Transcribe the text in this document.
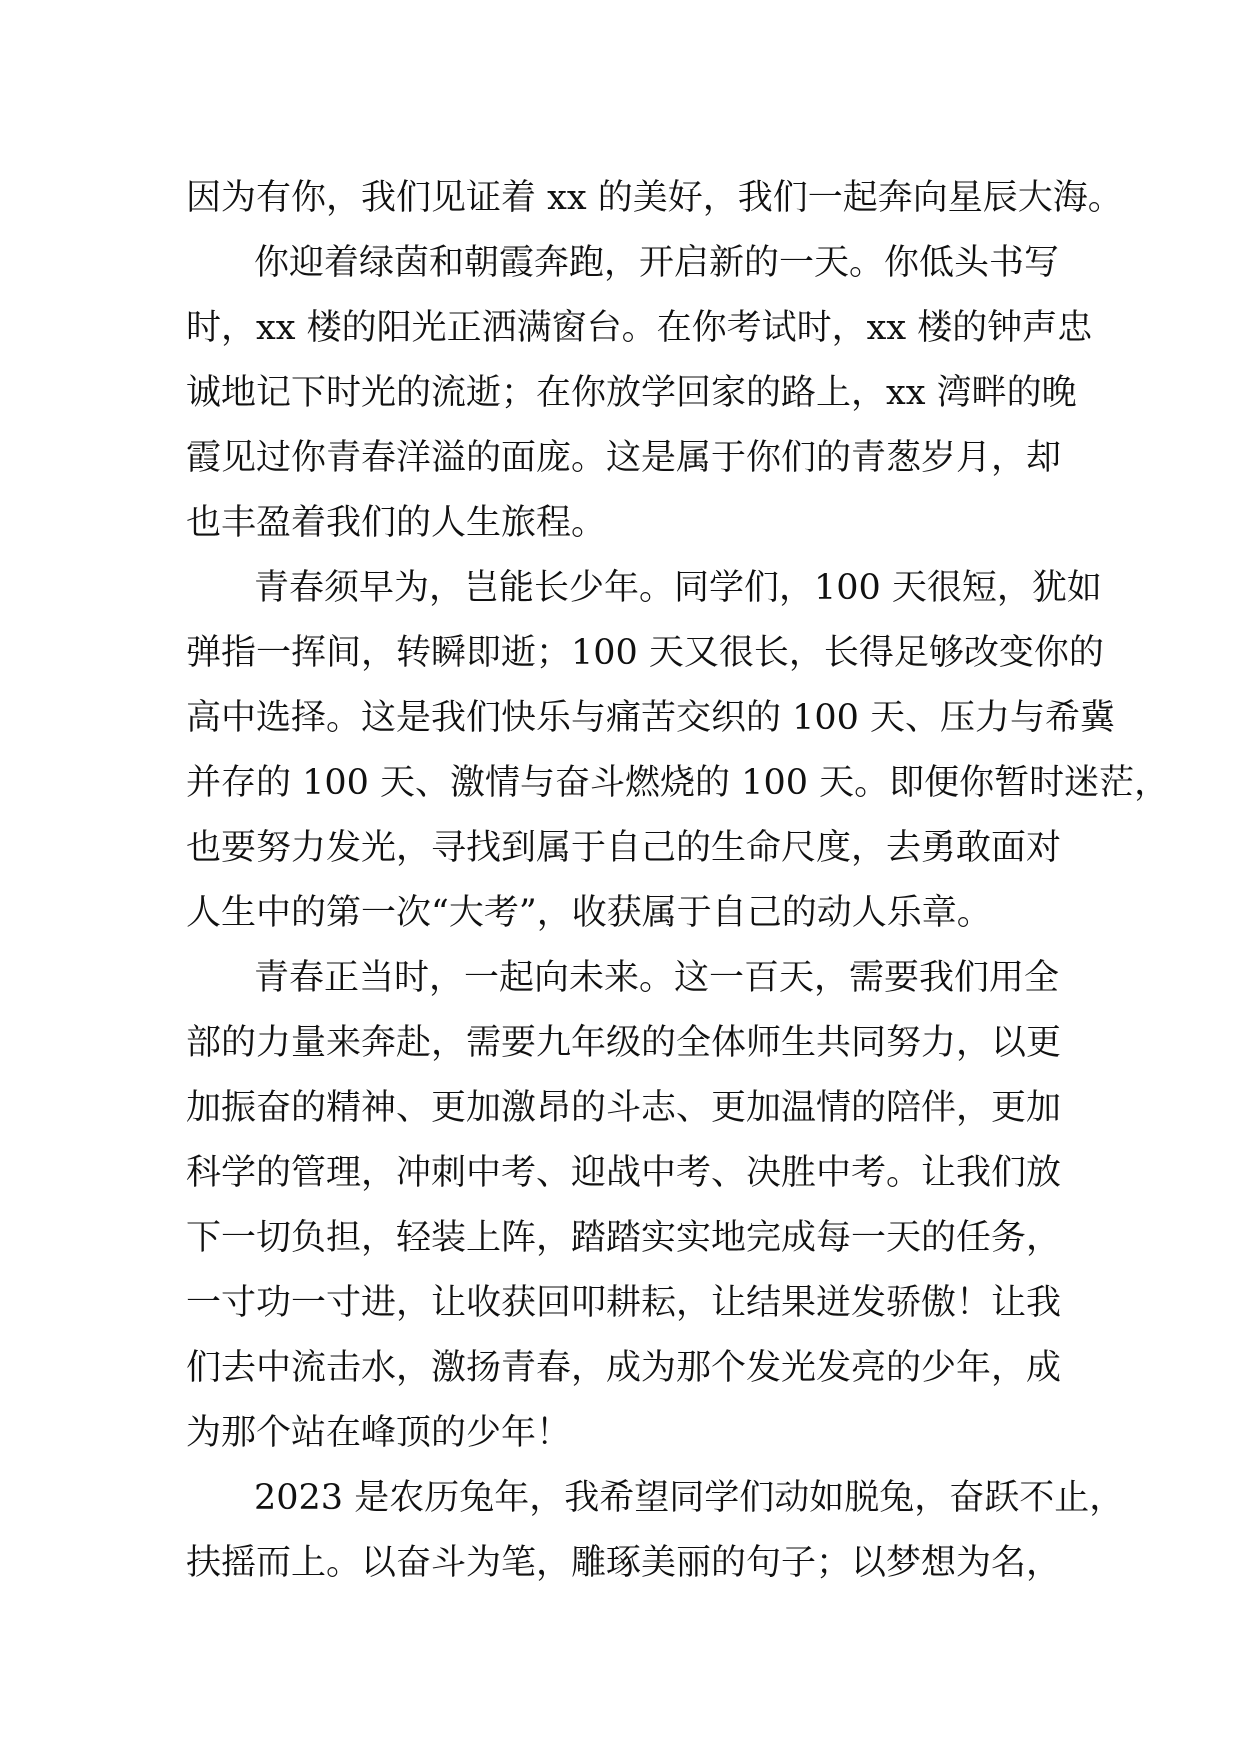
因为有你，我们见证着 xx 的美好，我们一起奔向星辰大海。
你迎着绿茵和朝霞奔跑，开启新的一天。你低头书写
时，xx 楼的阳光正洒满窗台。在你考试时，xx 楼的钟声忠
诚地记下时光的流逝；在你放学回家的路上，xx 湾畔的晚
霞见过你青春洋溢的面庞。这是属于你们的青葱岁月，却
也丰盈着我们的人生旅程。
青春须早为，岂能长少年。同学们，100 天很短，犹如
弹指一挥间，转瞬即逝；100 天又很长，长得足够改变你的
高中选择。这是我们快乐与痛苦交织的 100 天、压力与希冀
并存的 100 天、激情与奋斗燃烧的 100 天。即便你暂时迷茫，
也要努力发光，寻找到属于自己的生命尺度，去勇敢面对
人生中的第一次“大考”，收获属于自己的动人乐章。
青春正当时，一起向未来。这一百天，需要我们用全
部的力量来奔赴，需要九年级的全体师生共同努力，以更
加振奋的精神、更加激昂的斗志、更加温情的陪伴，更加
科学的管理，冲刺中考、迎战中考、决胜中考。让我们放
下一切负担，轻装上阵，踏踏实实地完成每一天的任务，
一寸功一寸进，让收获回叩耕耘，让结果迸发骄傲！让我
们去中流击水，激扬青春，成为那个发光发亮的少年，成
为那个站在峰顶的少年！
2023 是农历兔年，我希望同学们动如脱兔，奋跃不止，
扶摇而上。以奋斗为笔，雕琢美丽的句子；以梦想为名，
